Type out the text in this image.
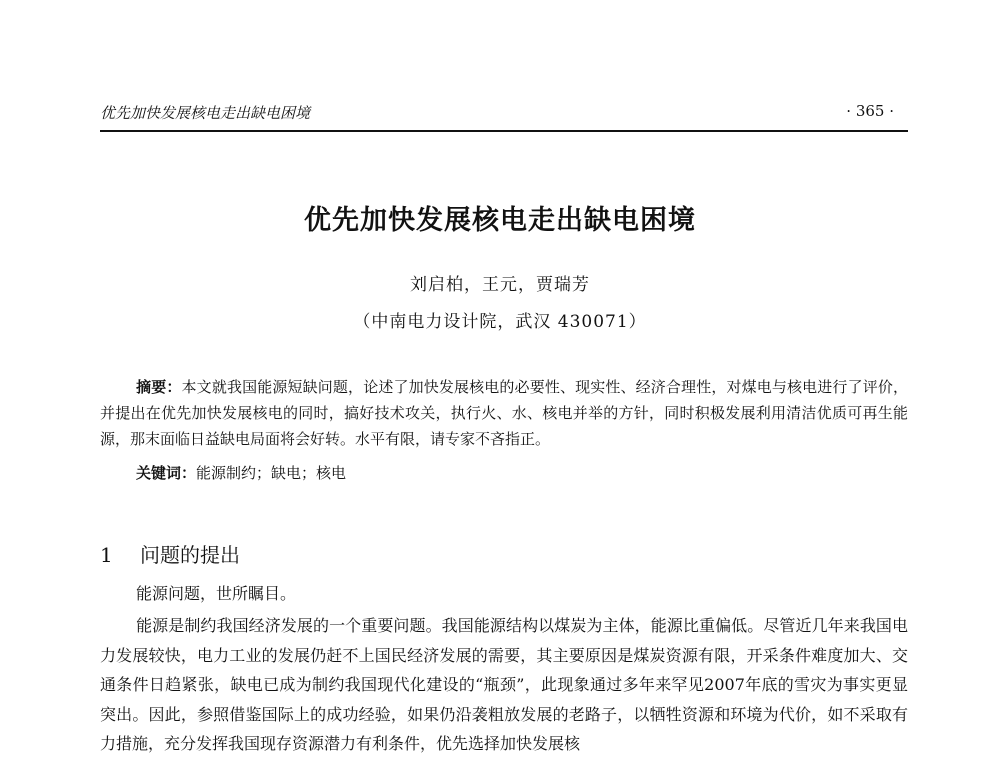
优先加快发展核电走出缺电困境	· 365 ·
优先加快发展核电走出缺电困境
刘启柏，王元，贾瑞芳
（中南电力设计院，武汉 430071）
摘要：本文就我国能源短缺问题，论述了加快发展核电的必要性、现实性、经济合理性，对煤电与核电进行了评价，并提出在优先加快发展核电的同时，搞好技术攻关，执行火、水、核电并举的方针，同时积极发展利用清洁优质可再生能源，那末面临日益缺电局面将会好转。水平有限，请专家不吝指正。
关键词：能源制约；缺电；核电
1 问题的提出
能源问题，世所瞩目。
能源是制约我国经济发展的一个重要问题。我国能源结构以煤炭为主体，能源比重偏低。尽管近几年来我国电力发展较快，电力工业的发展仍赶不上国民经济发展的需要，其主要原因是煤炭资源有限，开采条件难度加大、交通条件日趋紧张，缺电已成为制约我国现代化建设的“瓶颈”，此现象通过多年来罕见2007年底的雪灾为事实更显突出。因此，参照借鉴国际上的成功经验，如果仍沿袭粗放发展的老路子，以牺牲资源和环境为代价，如不采取有力措施，充分发挥我国现存资源潜力有利条件，优先选择加快发展核
